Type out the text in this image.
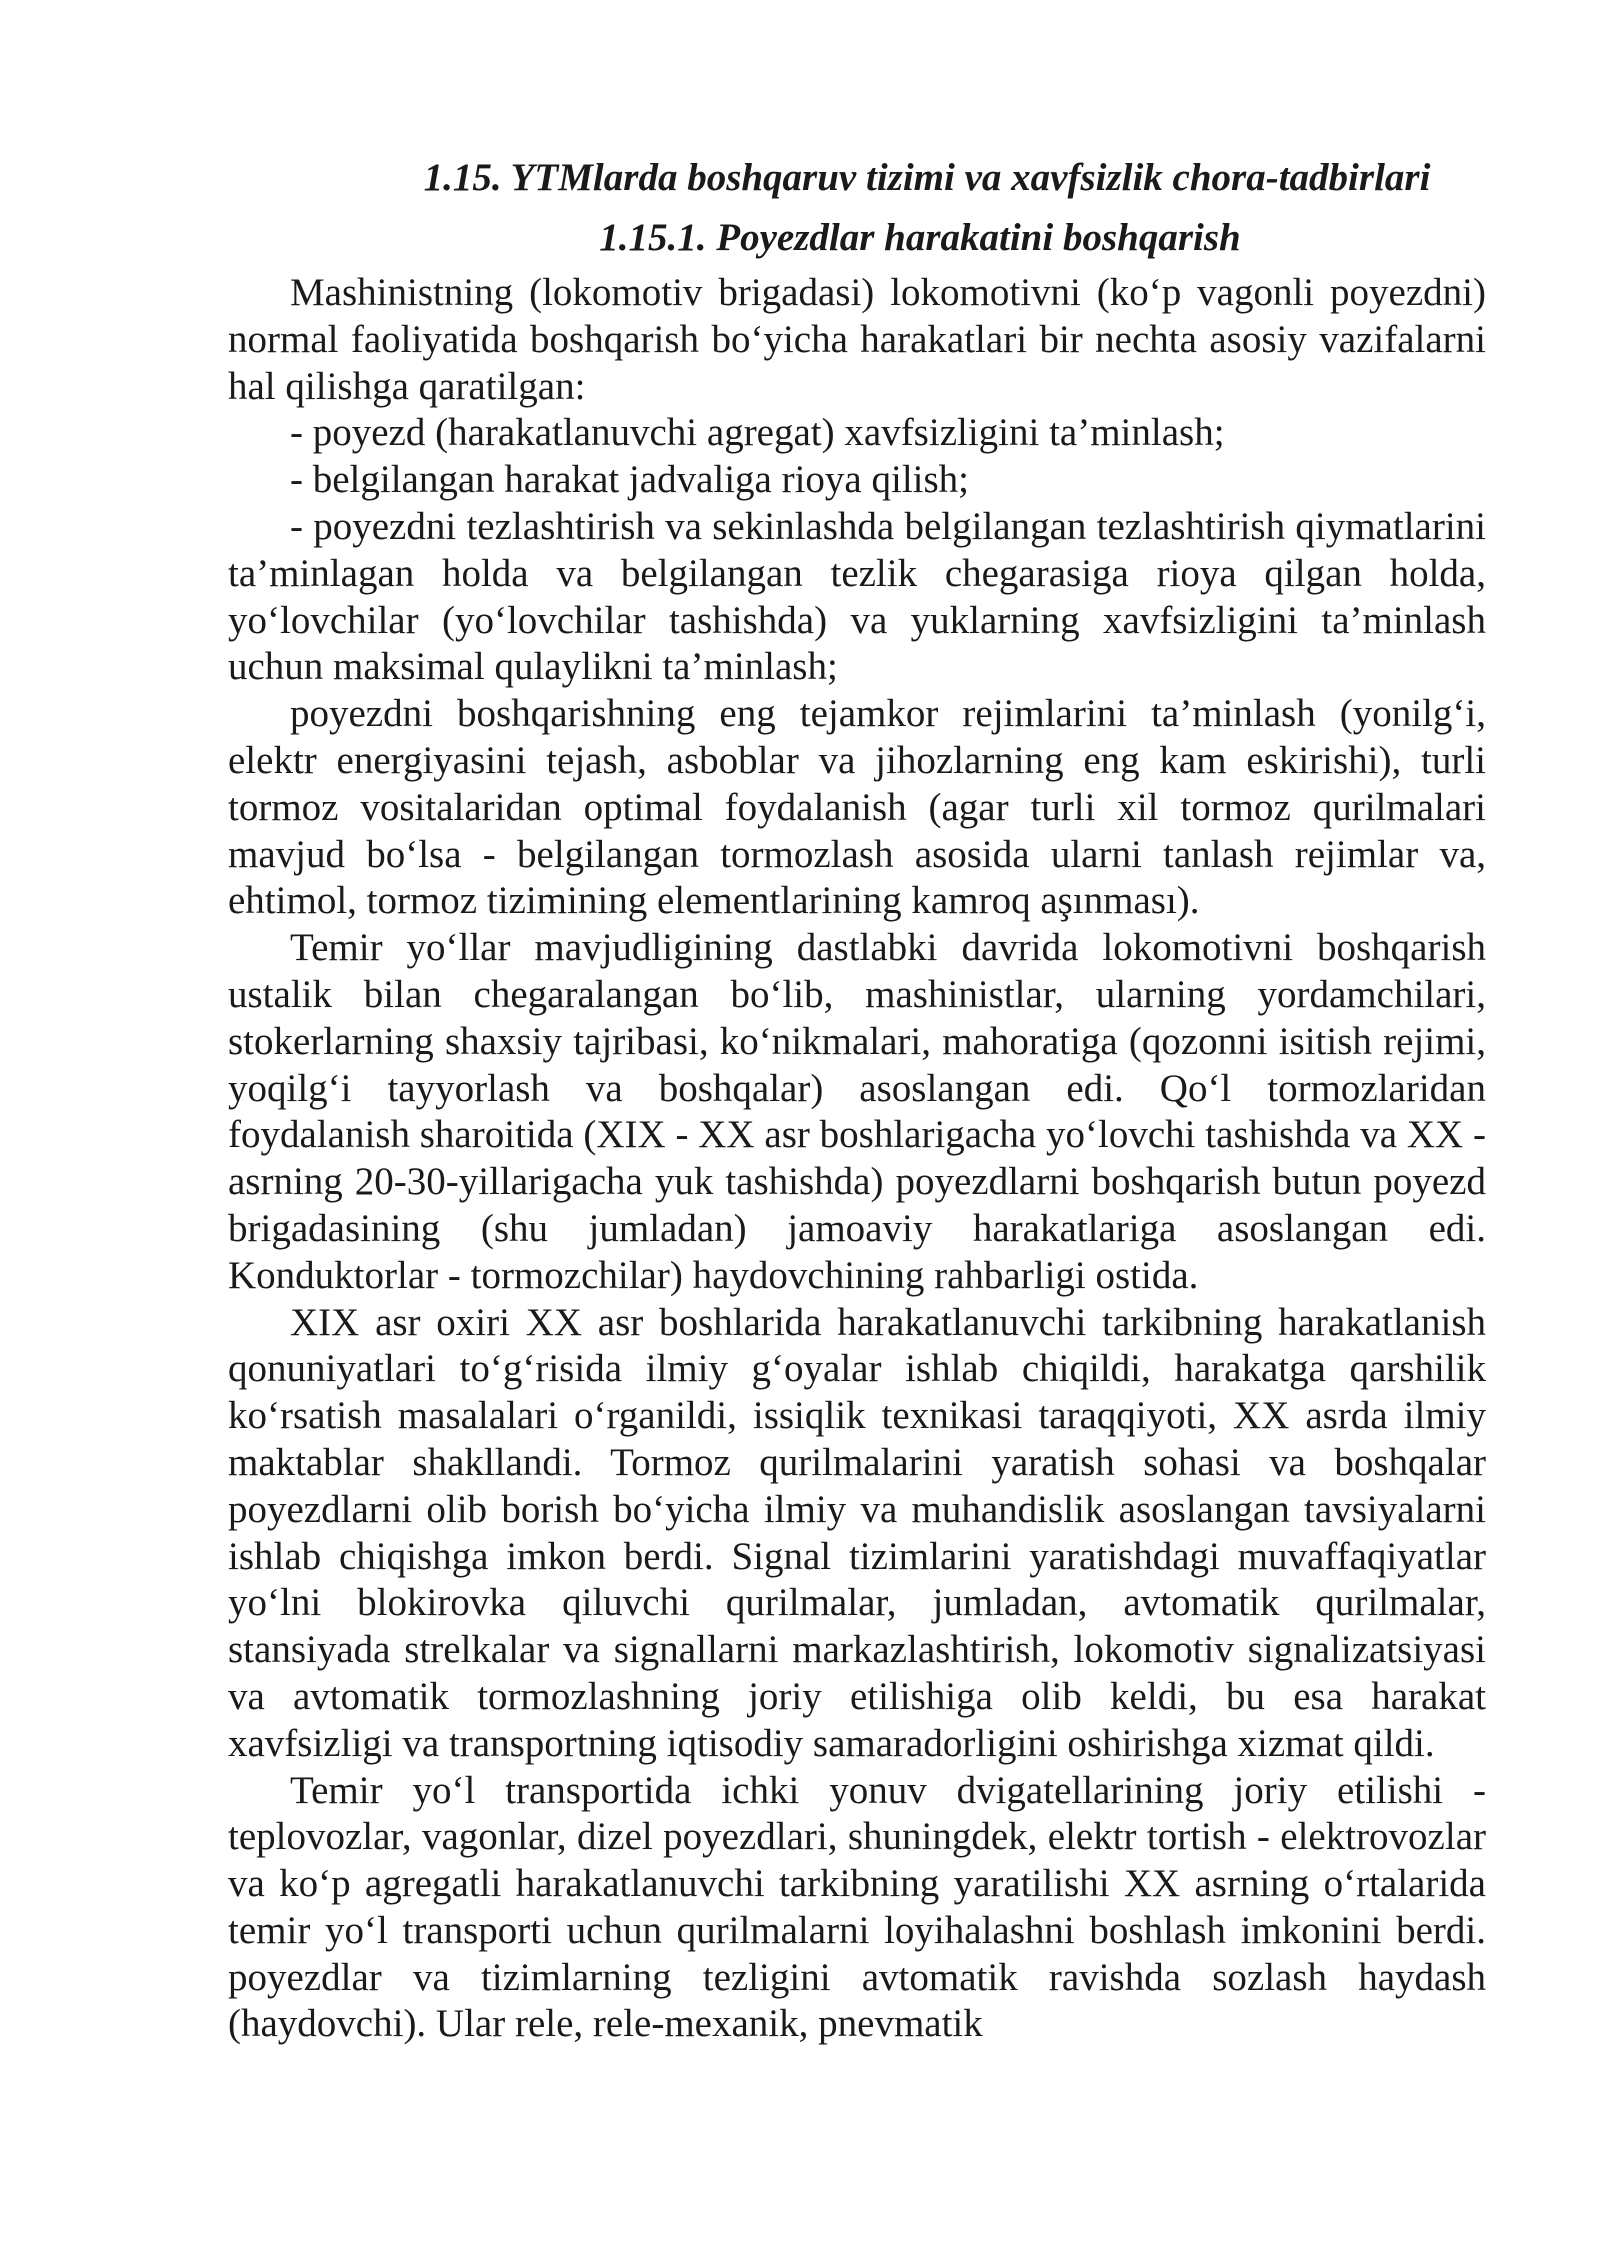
1.15. YTMlarda boshqaruv tizimi va xavfsizlik chora-tadbirlari
1.15.1. Poyezdlar harakatini boshqarish

Mashinistning (lokomotiv brigadasi) lokomotivni (ko‘p vagonli poyezdni) normal faoliyatida boshqarish bo‘yicha harakatlari bir nechta asosiy vazifalarni hal qilishga qaratilgan:

- poyezd (harakatlanuvchi agregat) xavfsizligini ta’minlash;
- belgilangan harakat jadvaliga rioya qilish;
- poyezdni tezlashtirish va sekinlashda belgilangan tezlashtirish qiymatlarini ta’minlagan holda va belgilangan tezlik chegarasiga rioya qilgan holda, yo‘lovchilar (yo‘lovchilar tashishda) va yuklarning xavfsizligini ta’minlash uchun maksimal qulaylikni ta’minlash;

poyezdni boshqarishning eng tejamkor rejimlarini ta’minlash (yonilg‘i, elektr energiyasini tejash, asboblar va jihozlarning eng kam eskirishi), turli tormoz vositalaridan optimal foydalanish (agar turli xil tormoz qurilmalari mavjud bo‘lsa - belgilangan tormozlash asosida ularni tanlash rejimlar va, ehtimol, tormoz tizimining elementlarining kamroq aşınması).

Temir yo‘llar mavjudligining dastlabki davrida lokomotivni boshqarish ustalik bilan chegaralangan bo‘lib, mashinistlar, ularning yordamchilari, stokerlarning shaxsiy tajribasi, ko‘nikmalari, mahoratiga (qozonni isitish rejimi, yoqilg‘i tayyorlash va boshqalar) asoslangan edi. Qo‘l tormozlaridan foydalanish sharoitida (XIX - XX asr boshlarigacha yo‘lovchi tashishda va XX - asrning 20-30-yillarigacha yuk tashishda) poyezdlarni boshqarish butun poyezd brigadasining (shu jumladan) jamoaviy harakatlariga asoslangan edi. Konduktorlar - tormozchilar) haydovchining rahbarligi ostida.

XIX asr oxiri XX asr boshlarida harakatlanuvchi tarkibning harakatlanish qonuniyatlari to‘g‘risida ilmiy g‘oyalar ishlab chiqildi, harakatga qarshilik ko‘rsatish masalalari o‘rganildi, issiqlik texnikasi taraqqiyoti, XX asrda ilmiy maktablar shakllandi. Tormoz qurilmalarini yaratish sohasi va boshqalar poyezdlarni olib borish bo‘yicha ilmiy va muhandislik asoslangan tavsiyalarni ishlab chiqishga imkon berdi. Signal tizimlarini yaratishdagi muvaffaqiyatlar yo‘lni blokirovka qiluvchi qurilmalar, jumladan, avtomatik qurilmalar, stansiyada strelkalar va signallarni markazlashtirish, lokomotiv signalizatsiyasi va avtomatik tormozlashning joriy etilishiga olib keldi, bu esa harakat xavfsizligi va transportning iqtisodiy samaradorligini oshirishga xizmat qildi.

Temir yo‘l transportida ichki yonuv dvigatellarining joriy etilishi - teplovozlar, vagonlar, dizel poyezdlari, shuningdek, elektr tortish - elektrovozlar va ko‘p agregatli harakatlanuvchi tarkibning yaratilishi XX asrning o‘rtalarida temir yo‘l transporti uchun qurilmalarni loyihalashni boshlash imkonini berdi. poyezdlar va tizimlarning tezligini avtomatik ravishda sozlash haydash (haydovchi). Ular rele, rele-mexanik, pnevmatik
